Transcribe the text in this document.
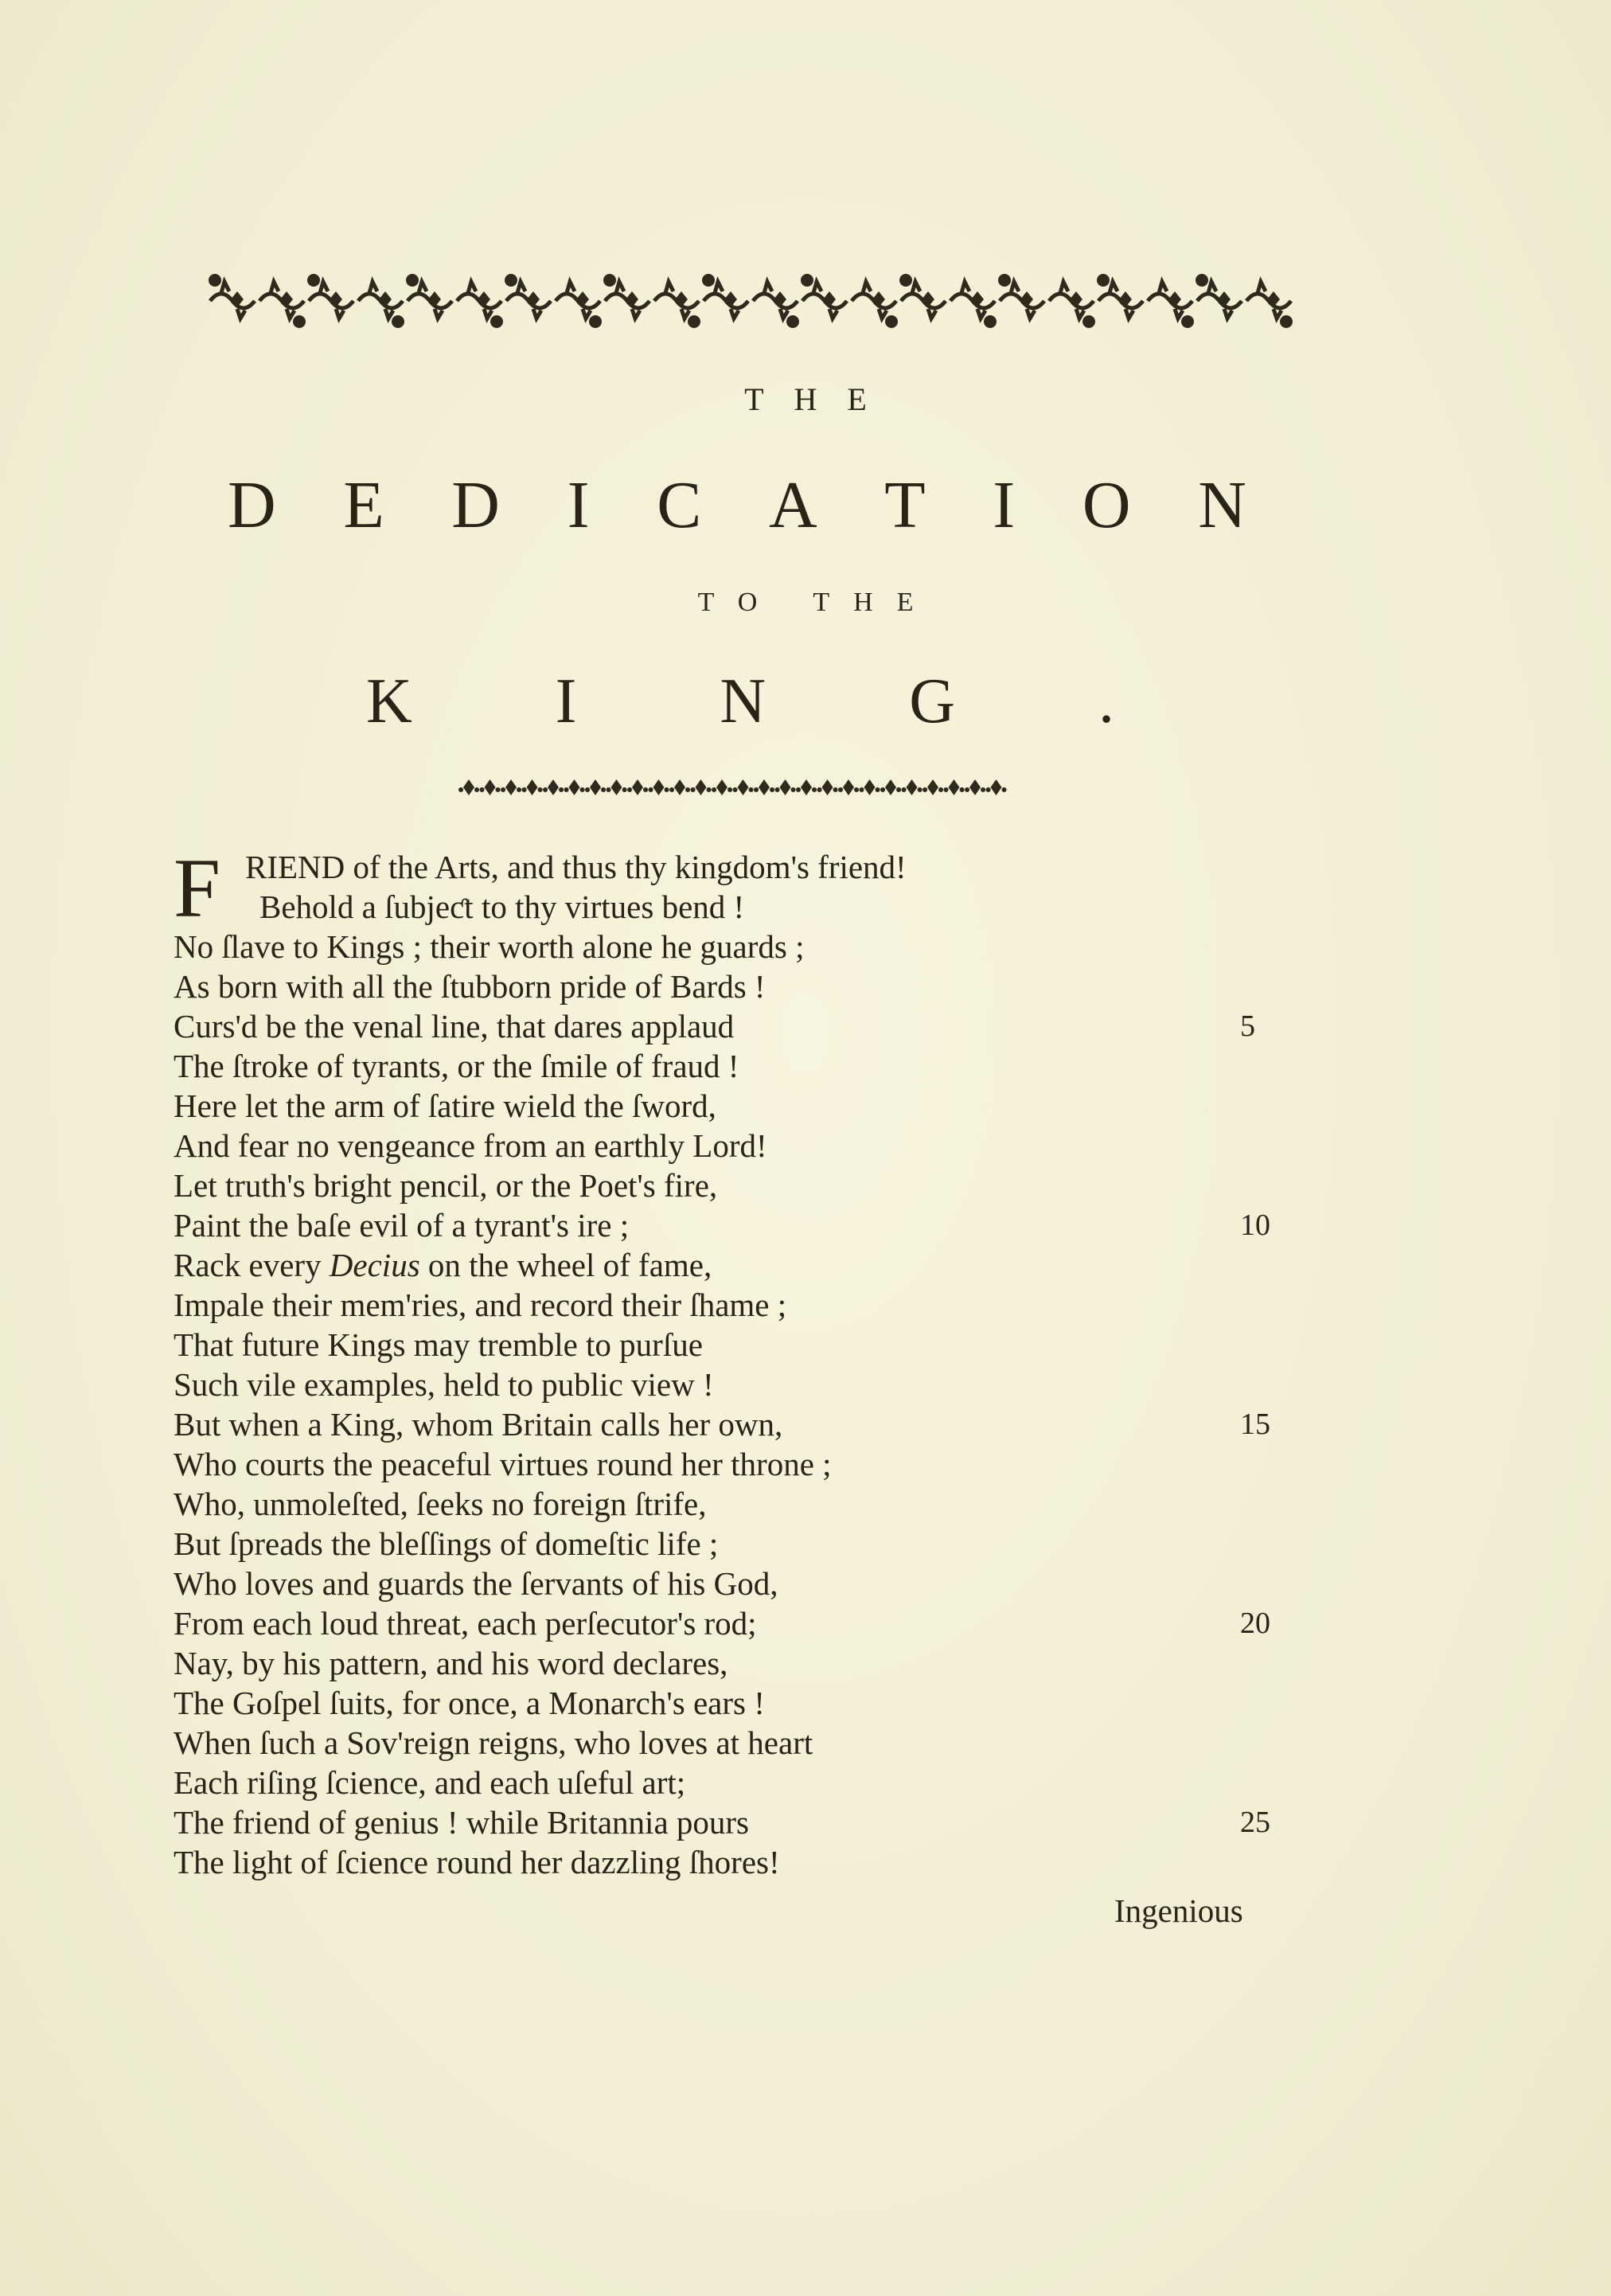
THE
D E D I C A T I O N
TO THE
K I N G .
F RIEND of the Arts, and thus thy kingdom's friend!
Behold a ſubjeƈt to thy virtues bend !
No ſlave to Kings ; their worth alone he guards ;
As born with all the ſtubborn pride of Bards !
Curs'd be the venal line, that dares applaud	5
The ſtroke of tyrants, or the ſmile of fraud !
Here let the arm of ſatire wield the ſword,
And fear no vengeance from an earthly Lord!
Let truth's bright pencil, or the Poet's fire,
Paint the baſe evil of a tyrant's ire ;	10
Rack every Decius on the wheel of fame,
Impale their mem'ries, and record their ſhame ;
That future Kings may tremble to purſue
Such vile examples, held to public view !
But when a King, whom Britain calls her own,	15
Who courts the peaceful virtues round her throne ;
Who, unmoleſted, ſeeks no foreign ſtrife,
But ſpreads the bleſſings of domeſtic life ;
Who loves and guards the ſervants of his God,
From each loud threat, each perſecutor's rod;	20
Nay, by his pattern, and his word declares,
The Goſpel ſuits, for once, a Monarch's ears !
When ſuch a Sov'reign reigns, who loves at heart
Each riſing ſcience, and each uſeful art;
The friend of genius ! while Britannia pours	25
The light of ſcience round her dazzling ſhores!
Ingenious
